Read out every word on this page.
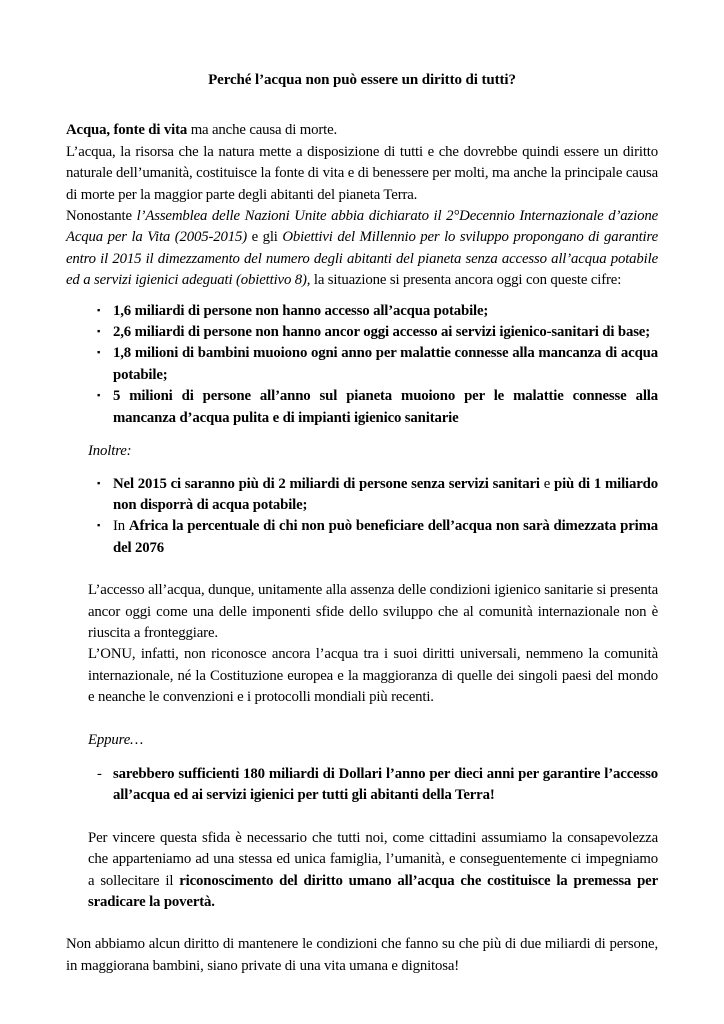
Perché l’acqua non può essere un diritto di tutti?

Acqua, fonte di vita ma anche causa di morte.

L’acqua, la risorsa che la natura mette a disposizione di tutti e che dovrebbe quindi essere un diritto naturale dell’umanità, costituisce la fonte di vita e di benessere per molti, ma anche la principale causa di morte per la maggior parte degli abitanti del pianeta Terra.

Nonostante l’Assemblea delle Nazioni Unite abbia dichiarato il 2°Decennio Internazionale d’azione Acqua per la Vita (2005-2015) e gli Obiettivi del Millennio per lo sviluppo propongano di garantire entro il 2015 il dimezzamento del numero degli abitanti del pianeta senza accesso all’acqua potabile ed a servizi igienici adeguati (obiettivo 8), la situazione si presenta ancora oggi con queste cifre:

▪ 1,6 miliardi di persone non hanno accesso all’acqua potabile;

▪ 2,6 miliardi di persone non hanno ancor oggi accesso ai servizi igienico-sanitari di base;

▪ 1,8 milioni di bambini muoiono ogni anno per malattie connesse alla mancanza di acqua potabile;

▪ 5 milioni di persone all’anno sul pianeta muoiono per le malattie connesse alla mancanza d’acqua pulita e di impianti igienico sanitarie

Inoltre:

▪ Nel 2015 ci saranno più di 2 miliardi di persone senza servizi sanitari e più di 1 miliardo non disporrà di acqua potabile;

▪ In Africa la percentuale di chi non può beneficiare dell’acqua non sarà dimezzata prima del 2076

L’accesso all’acqua, dunque, unitamente alla assenza delle condizioni igienico sanitarie si presenta ancor oggi come una delle imponenti sfide dello sviluppo che al comunità internazionale non è riuscita a fronteggiare.

L’ONU, infatti, non riconosce ancora l’acqua tra i suoi diritti universali, nemmeno la comunità internazionale, né la Costituzione europea e la maggioranza di quelle dei singoli paesi del mondo e neanche le convenzioni e i protocolli mondiali più recenti.

Eppure…

- sarebbero sufficienti 180 miliardi di Dollari l’anno per dieci anni per garantire l’accesso all’acqua ed ai servizi igienici per tutti gli abitanti della Terra!

Per vincere questa sfida è necessario che tutti noi, come cittadini assumiamo la consapevolezza che apparteniamo ad una stessa ed unica famiglia, l’umanità, e conseguentemente ci impegniamo a sollecitare il riconoscimento del diritto umano all’acqua che costituisce la premessa per sradicare la povertà.

Non abbiamo alcun diritto di mantenere le condizioni che fanno su che più di due miliardi di persone, in maggiorana bambini, siano private di una vita umana e dignitosa!
